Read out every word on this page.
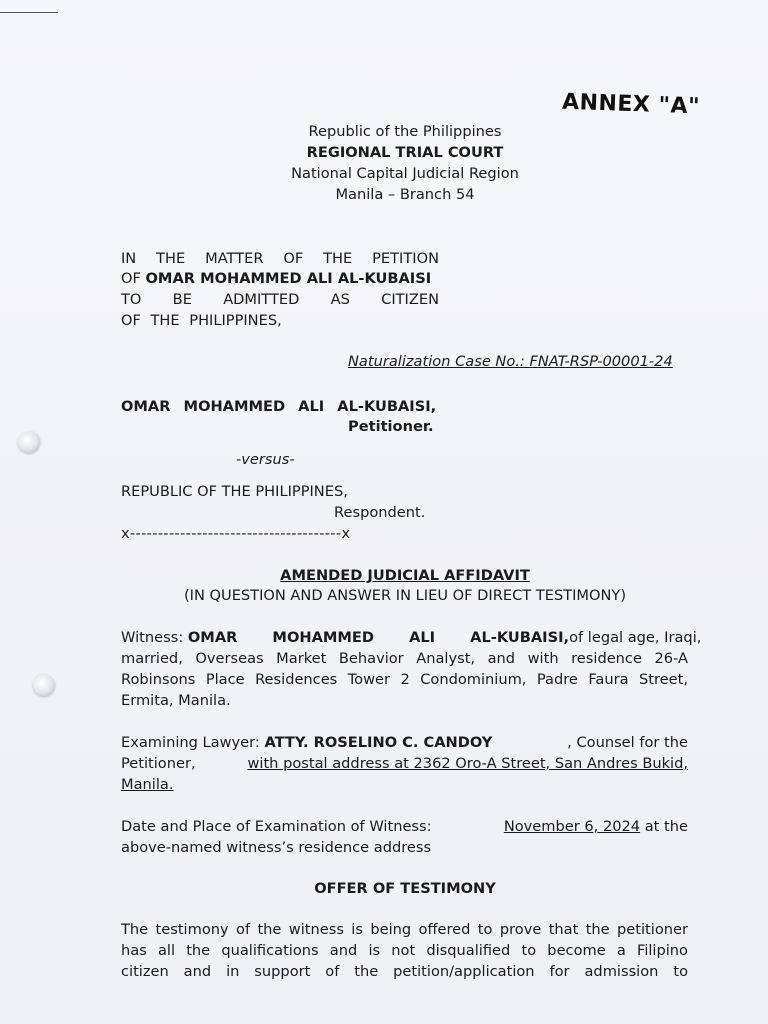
ANNEX "A"
Republic of the Philippines
REGIONAL TRIAL COURT
National Capital Judicial Region
Manila – Branch 54
IN THE MATTER OF THE PETITION
OF OMAR MOHAMMED ALI AL-KUBAISI
TO BE ADMITTED AS CITIZEN
OF THE PHILIPPINES,
Naturalization Case No.: FNAT-RSP-00001-24
OMAR MOHAMMED ALI AL-KUBAISI,
Petitioner.
-versus-
REPUBLIC OF THE PHILIPPINES,
Respondent.
x--------------------------------------x
AMENDED JUDICIAL AFFIDAVIT
(IN QUESTION AND ANSWER IN LIEU OF DIRECT TESTIMONY)
Witness: OMAR MOHAMMED ALI AL-KUBAISI, of legal age, Iraqi,
married, Overseas Market Behavior Analyst, and with residence 26-A
Robinsons Place Residences Tower 2 Condominium, Padre Faura Street,
Ermita, Manila.
Examining Lawyer: ATTY. ROSELINO C. CANDOY	, Counsel for the
Petitioner,	with postal address at 2362 Oro-A Street, San Andres Bukid,
Manila.
Date and Place of Examination of Witness:	November 6, 2024 at the
above-named witness’s residence address
OFFER OF TESTIMONY
The testimony of the witness is being offered to prove that the petitioner
has all the qualifications and is not disqualified to become a Filipino
citizen and in support of the petition/application for admission to
